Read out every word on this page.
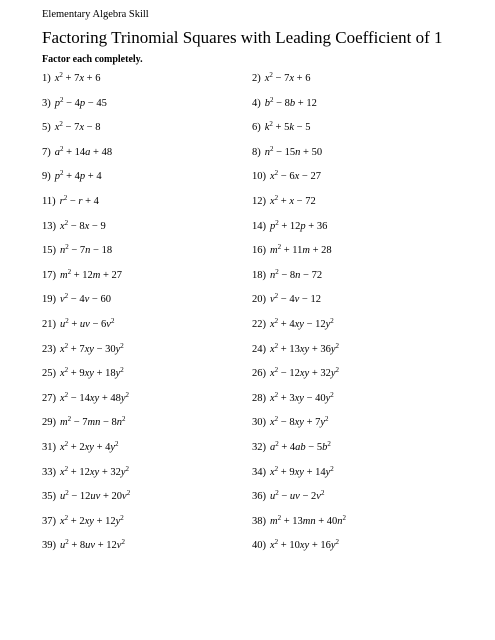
Elementary Algebra Skill
Factoring Trinomial Squares with Leading Coefficient of 1
Factor each completely.
1) $x^2 + 7x + 6$	2) $x^2 - 7x + 6$
3) $p^2 - 4p - 45$	4) $b^2 - 8b + 12$
5) $x^2 - 7x - 8$	6) $k^2 + 5k - 5$
7) $a^2 + 14a + 48$	8) $n^2 - 15n + 50$
9) $p^2 + 4p + 4$	10) $x^2 - 6x - 27$
11) $r^2 - r + 4$	12) $x^2 + x - 72$
13) $x^2 - 8x - 9$	14) $p^2 + 12p + 36$
15) $n^2 - 7n - 18$	16) $m^2 + 11m + 28$
17) $m^2 + 12m + 27$	18) $n^2 - 8n - 72$
19) $v^2 - 4v - 60$	20) $v^2 - 4v - 12$
21) $u^2$ + uv − $6v^2$	22) $x^2 + 4xy - 12y^2$
23) $x^2 + 7xy - 30y^2$	24) $x^2 + 13xy + 36y^2$
25) $x^2 + 9xy + 18y^2$	26) $x^2 - 12xy + 32y^2$
27) $x^2 - 14xy + 48y^2$	28) $x^2 + 3xy - 40y^2$
29) $m^2 - 7mn - 8n^2$	30) $x^2 - 8xy + 7y^2$
31) $x^2 + 2xy + 4y^2$	32) $a^2 + 4ab - 5b^2$
33) $x^2 + 12xy + 32y^2$	34) $x^2 + 9xy + 14y^2$
35) $u^2 - 12uv + 20v^2$	36) $u^2$ − uv − $2v^2$
37) $x^2 + 2xy + 12y^2$	38) $m^2 + 13mn + 40n^2$
39) $u^2 + 8uv + 12v^2$	40) $x^2 + 10xy + 16y^2$
